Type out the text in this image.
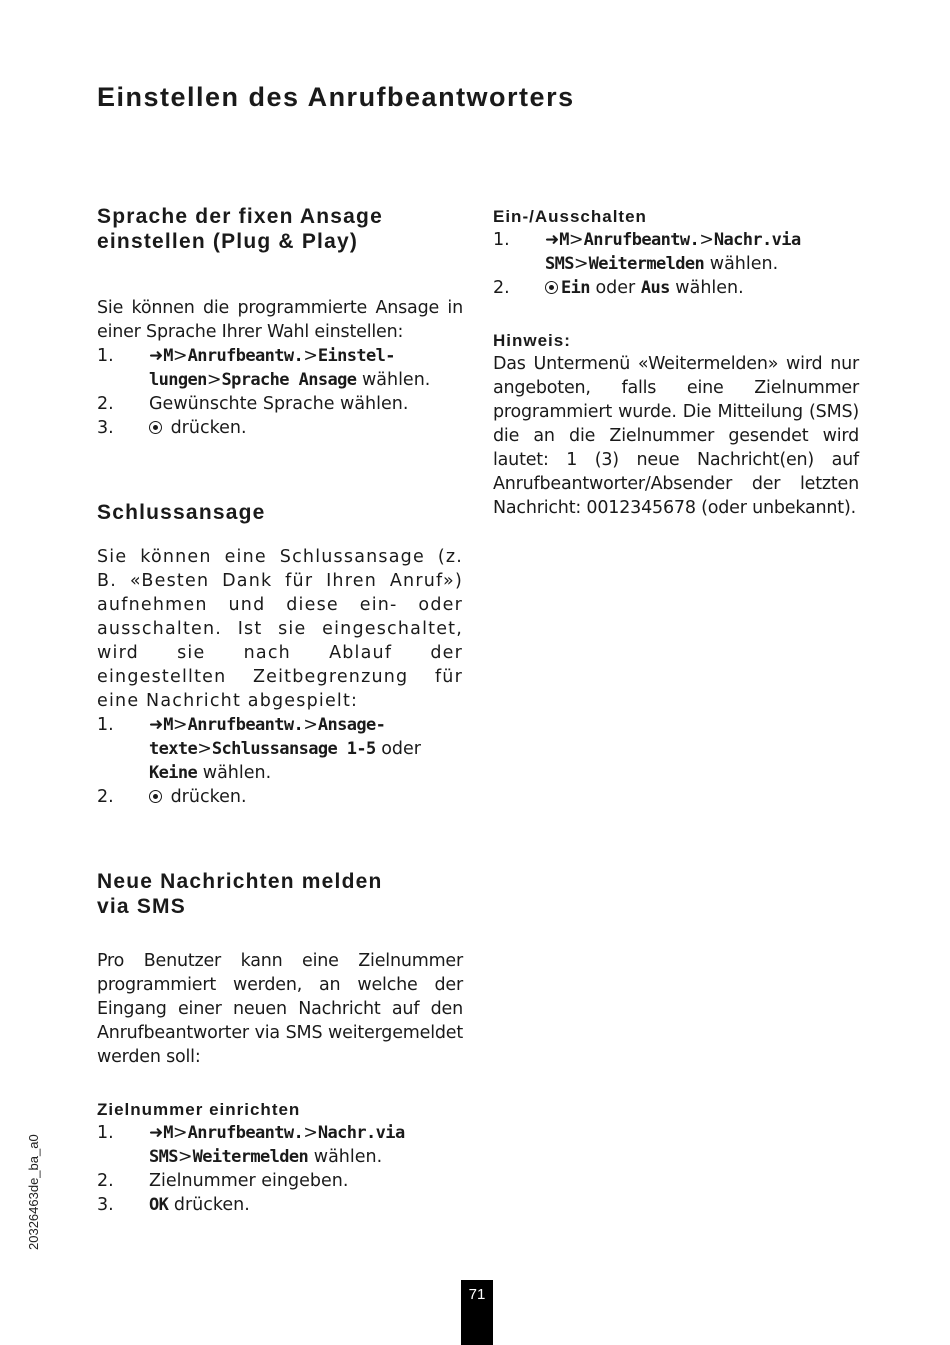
Einstellen des Anrufbeantworters
Sprache der fixen Ansage
einstellen (Plug & Play)

Sie können die programmierte Ansage in einer Sprache Ihrer Wahl einstellen:

1. ➜M>Anrufbeantw.>Einstel-
lungen>Sprache Ansage wählen.
2. Gewünschte Sprache wählen.
3.	drücken.
Schlussansage

Sie können eine Schlussansage (z. B. «Besten Dank für Ihren Anruf») aufnehmen und diese ein- oder ausschalten. Ist sie eingeschaltet, wird sie nach Ablauf der eingestellten Zeitbegrenzung für eine Nachricht abgespielt:

1. ➜M>Anrufbeantw.>Ansage-
texte>Schlussansage 1-5 oder
Keine wählen.
2.	drücken.
Neue Nachrichten melden
via SMS

Pro Benutzer kann eine Zielnummer programmiert werden, an welche der Eingang einer neuen Nachricht auf den Anrufbeantworter via SMS weitergemeldet werden soll:

Zielnummer einrichten
1. ➜M>Anrufbeantw.>Nachr.via
SMS>Weitermelden wählen.
2. Zielnummer eingeben.
3. OK drücken.
Ein-/Ausschalten
1. ➜M>Anrufbeantw.>Nachr.via
SMS>Weitermelden wählen.
2.	Ein oder Aus wählen.
Hinweis:

Das Untermenü «Weitermelden» wird nur angeboten, falls eine Zielnummer programmiert wurde. Die Mitteilung (SMS) die an die Zielnummer gesendet wird lautet: 1 (3) neue Nachricht(en) auf Anrufbeantworter/Absender der letzten Nachricht: 0012345678 (oder unbekannt).

20326463de_ba_a0
71
